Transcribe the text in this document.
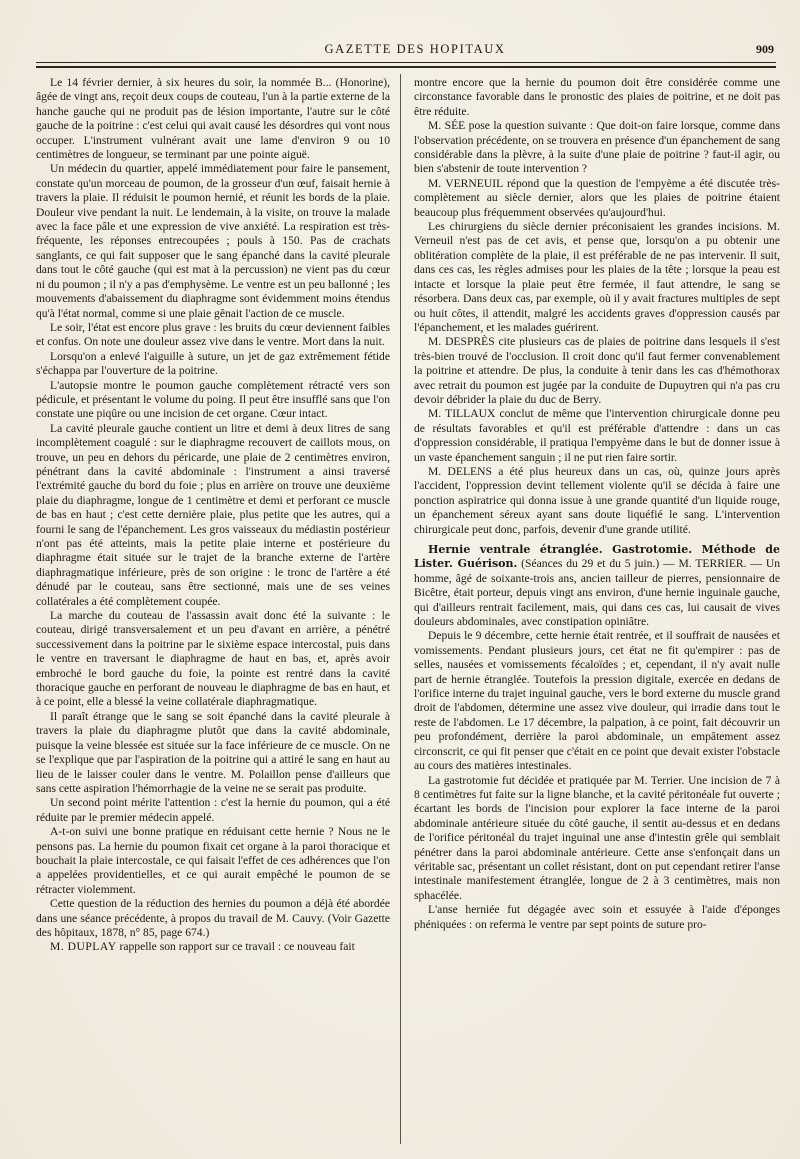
GAZETTE DES HOPITAUX	909

Le 14 février dernier, à six heures du soir, la nommée B... (Honorine), âgée de vingt ans, reçoit deux coups de couteau, l'un à la partie externe de la hanche gauche qui ne produit pas de lésion importante, l'autre sur le côté gauche de la poitrine : c'est celui qui avait causé les désordres qui vont nous occuper. L'instrument vulnérant avait une lame d'environ 9 ou 10 centimètres de longueur, se terminant par une pointe aiguë.

Un médecin du quartier, appelé immédiatement pour faire le pansement, constate qu'un morceau de poumon, de la grosseur d'un œuf, faisait hernie à travers la plaie. Il réduisit le poumon hernié, et réunit les bords de la plaie. Douleur vive pendant la nuit. Le lendemain, à la visite, on trouve la malade avec la face pâle et une expression de vive anxiété. La respiration est très-fréquente, les réponses entrecoupées ; pouls à 150. Pas de crachats sanglants, ce qui fait supposer que le sang épanché dans la cavité pleurale dans tout le côté gauche (qui est mat à la percussion) ne vient pas du cœur ni du poumon ; il n'y a pas d'emphysème. Le ventre est un peu ballonné ; les mouvements d'abaissement du diaphragme sont évidemment moins étendus qu'à l'état normal, comme si une plaie gênait l'action de ce muscle.

Le soir, l'état est encore plus grave : les bruits du cœur deviennent faibles et confus. On note une douleur assez vive dans le ventre. Mort dans la nuit.

Lorsqu'on a enlevé l'aiguille à suture, un jet de gaz extrêmement fétide s'échappa par l'ouverture de la poitrine.

L'autopsie montre le poumon gauche complètement rétracté vers son pédicule, et présentant le volume du poing. Il peut être insufflé sans que l'on constate une piqûre ou une incision de cet organe. Cœur intact.

La cavité pleurale gauche contient un litre et demi à deux litres de sang incomplètement coagulé : sur le diaphragme recouvert de caillots mous, on trouve, un peu en dehors du péricarde, une plaie de 2 centimètres environ, pénétrant dans la cavité abdominale : l'instrument a ainsi traversé l'extrémité gauche du bord du foie ; plus en arrière on trouve une deuxième plaie du diaphragme, longue de 1 centimètre et demi et perforant ce muscle de bas en haut ; c'est cette dernière plaie, plus petite que les autres, qui a fourni le sang de l'épanchement. Les gros vaisseaux du médiastin postérieur n'ont pas été atteints, mais la petite plaie interne et postérieure du diaphragme était située sur le trajet de la branche externe de l'artère diaphragmatique inférieure, près de son origine : le tronc de l'artère a été dénudé par le couteau, sans être sectionné, mais une de ses veines collatérales a été complètement coupée.

La marche du couteau de l'assassin avait donc été la suivante : le couteau, dirigé transversalement et un peu d'avant en arrière, a pénétré successivement dans la poitrine par le sixième espace intercostal, puis dans le ventre en traversant le diaphragme de haut en bas, et, après avoir embroché le bord gauche du foie, la pointe est rentré dans la cavité thoracique gauche en perforant de nouveau le diaphragme de bas en haut, et à ce point, elle a blessé la veine collatérale diaphragmatique.

Il paraît étrange que le sang se soit épanché dans la cavité pleurale à travers la plaie du diaphragme plutôt que dans la cavité abdominale, puisque la veine blessée est située sur la face inférieure de ce muscle. On ne se l'explique que par l'aspiration de la poitrine qui a attiré le sang en haut au lieu de le laisser couler dans le ventre. M. Polaillon pense d'ailleurs que sans cette aspiration l'hémorrhagie de la veine ne se serait pas produite.

Un second point mérite l'attention : c'est la hernie du poumon, qui a été réduite par le premier médecin appelé.

A-t-on suivi une bonne pratique en réduisant cette hernie ? Nous ne le pensons pas. La hernie du poumon fixait cet organe à la paroi thoracique et bouchait la plaie intercostale, ce qui faisait l'effet de ces adhérences que l'on a appelées providentielles, et ce qui aurait empêché le poumon de se rétracter violemment.

Cette question de la réduction des hernies du poumon a déjà été abordée dans une séance précédente, à propos du travail de M. Cauvy. (Voir Gazette des hôpitaux, 1878, n° 85, page 674.)

M. DUPLAY rappelle son rapport sur ce travail : ce nouveau fait

montre encore que la hernie du poumon doit être considérée comme une circonstance favorable dans le pronostic des plaies de poitrine, et ne doit pas être réduite.

M. SÉE pose la question suivante : Que doit-on faire lorsque, comme dans l'observation précédente, on se trouvera en présence d'un épanchement de sang considérable dans la plèvre, à la suite d'une plaie de poitrine ? faut-il agir, ou bien s'abstenir de toute intervention ?

M. VERNEUIL répond que la question de l'empyème a été discutée très-complètement au siècle dernier, alors que les plaies de poitrine étaient beaucoup plus fréquemment observées qu'aujourd'hui.

Les chirurgiens du siècle dernier préconisaient les grandes incisions. M. Verneuil n'est pas de cet avis, et pense que, lorsqu'on a pu obtenir une oblitération complète de la plaie, il est préférable de ne pas intervenir. Il suit, dans ces cas, les règles admises pour les plaies de la tête ; lorsque la peau est intacte et lorsque la plaie peut être fermée, il faut attendre, le sang se résorbera. Dans deux cas, par exemple, où il y avait fractures multiples de sept ou huit côtes, il attendit, malgré les accidents graves d'oppression causés par l'épanchement, et les malades guérirent.

M. DESPRÈS cite plusieurs cas de plaies de poitrine dans lesquels il s'est très-bien trouvé de l'occlusion. Il croit donc qu'il faut fermer convenablement la poitrine et attendre. De plus, la conduite à tenir dans les cas d'hémothorax avec retrait du poumon est jugée par la conduite de Dupuytren qui n'a pas cru devoir débrider la plaie du duc de Berry.

M. TILLAUX conclut de même que l'intervention chirurgicale donne peu de résultats favorables et qu'il est préférable d'attendre : dans un cas d'oppression considérable, il pratiqua l'empyème dans le but de donner issue à un vaste épanchement sanguin ; il ne put rien faire sortir.

M. DELENS a été plus heureux dans un cas, où, quinze jours après l'accident, l'oppression devint tellement violente qu'il se décida à faire une ponction aspiratrice qui donna issue à une grande quantité d'un liquide rouge, un épanchement séreux ayant sans doute liquéfié le sang. L'intervention chirurgicale peut donc, parfois, devenir d'une grande utilité.

Hernie ventrale étranglée. Gastrotomie. Méthode de Lister. Guérison. (Séances du 29 et du 5 juin.) — M. TERRIER. — Un homme, âgé de soixante-trois ans, ancien tailleur de pierres, pensionnaire de Bicêtre, était porteur, depuis vingt ans environ, d'une hernie inguinale gauche, qui d'ailleurs rentrait facilement, mais, qui dans ces cas, lui causait de vives douleurs abdominales, avec constipation opiniâtre.

Depuis le 9 décembre, cette hernie était rentrée, et il souffrait de nausées et vomissements. Pendant plusieurs jours, cet état ne fit qu'empirer : pas de selles, nausées et vomissements fécaloïdes ; et, cependant, il n'y avait nulle part de hernie étranglée. Toutefois la pression digitale, exercée en dedans de l'orifice interne du trajet inguinal gauche, vers le bord externe du muscle grand droit de l'abdomen, détermine une assez vive douleur, qui irradie dans tout le reste de l'abdomen. Le 17 décembre, la palpation, à ce point, fait découvrir un peu profondément, derrière la paroi abdominale, un empâtement assez circonscrit, ce qui fit penser que c'était en ce point que devait exister l'obstacle au cours des matières intestinales.

La gastrotomie fut décidée et pratiquée par M. Terrier. Une incision de 7 à 8 centimètres fut faite sur la ligne blanche, et la cavité péritonéale fut ouverte ; écartant les bords de l'incision pour explorer la face interne de la paroi abdominale antérieure située du côté gauche, il sentit au-dessus et en dedans de l'orifice péritonéal du trajet inguinal une anse d'intestin grêle qui semblait pénétrer dans la paroi abdominale antérieure. Cette anse s'enfonçait dans un véritable sac, présentant un collet résistant, dont on put cependant retirer l'anse intestinale manifestement étranglée, longue de 2 à 3 centimètres, mais non sphacélée.

L'anse herniée fut dégagée avec soin et essuyée à l'aide d'éponges phéniquées : on referma le ventre par sept points de suture pro-
